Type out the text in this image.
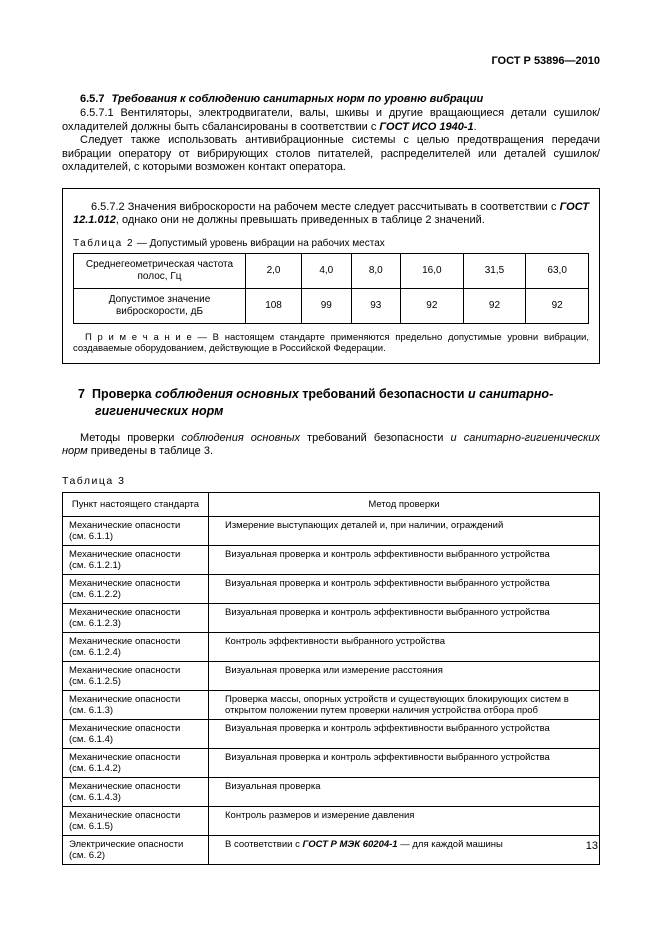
ГОСТ Р 53896—2010

6.5.7 Требования к соблюдению санитарных норм по уровню вибрации

6.5.7.1 Вентиляторы, электродвигатели, валы, шкивы и другие вращающиеся детали сушилок/охладителей должны быть сбалансированы в соответствии с ГОСТ ИСО 1940-1.

Следует также использовать антивибрационные системы с целью предотвращения передачи вибрации оператору от вибрирующих столов питателей, распределителей или деталей сушилок/охладителей, с которыми возможен контакт оператора.

6.5.7.2 Значения виброскорости на рабочем месте следует рассчитывать в соответствии с ГОСТ 12.1.012, однако они не должны превышать приведенных в таблице 2 значений.

Таблица 2 — Допустимый уровень вибрации на рабочих местах

Среднегеометрическая частота полос, Гц	2,0	4,0	8,0	16,0	31,5	63,0
Допустимое значение виброскорости, дБ	108	99	93	92	92	92

П р и м е ч а н и е — В настоящем стандарте применяются предельно допустимые уровни вибрации, создаваемые оборудованием, действующие в Российской Федерации.

7 Проверка соблюдения основных требований безопасности и санитарно-гигиенических норм

Методы проверки соблюдения основных требований безопасности и санитарно-гигиенических норм приведены в таблице 3.

Таблица 3

Пункт настоящего стандарта	Метод проверки
Механические опасности
(см. 6.1.1)	Измерение выступающих деталей и, при наличии, ограждений
Механические опасности
(см. 6.1.2.1)	Визуальная проверка и контроль эффективности выбранного устройства
Механические опасности
(см. 6.1.2.2)	Визуальная проверка и контроль эффективности выбранного устройства
Механические опасности
(см. 6.1.2.3)	Визуальная проверка и контроль эффективности выбранного устройства
Механические опасности
(см. 6.1.2.4)	Контроль эффективности выбранного устройства
Механические опасности
(см. 6.1.2.5)	Визуальная проверка или измерение расстояния
Механические опасности
(см. 6.1.3)	Проверка массы, опорных устройств и существующих блокирующих систем в открытом положении путем проверки наличия устройства отбора проб
Механические опасности
(см. 6.1.4)	Визуальная проверка и контроль эффективности выбранного устройства
Механические опасности
(см. 6.1.4.2)	Визуальная проверка и контроль эффективности выбранного устройства
Механические опасности
(см. 6.1.4.3)	Визуальная проверка
Механические опасности
(см. 6.1.5)	Контроль размеров и измерение давления
Электрические опасности
(см. 6.2)	В соответствии с ГОСТ Р МЭК 60204-1 — для каждой машины	13
